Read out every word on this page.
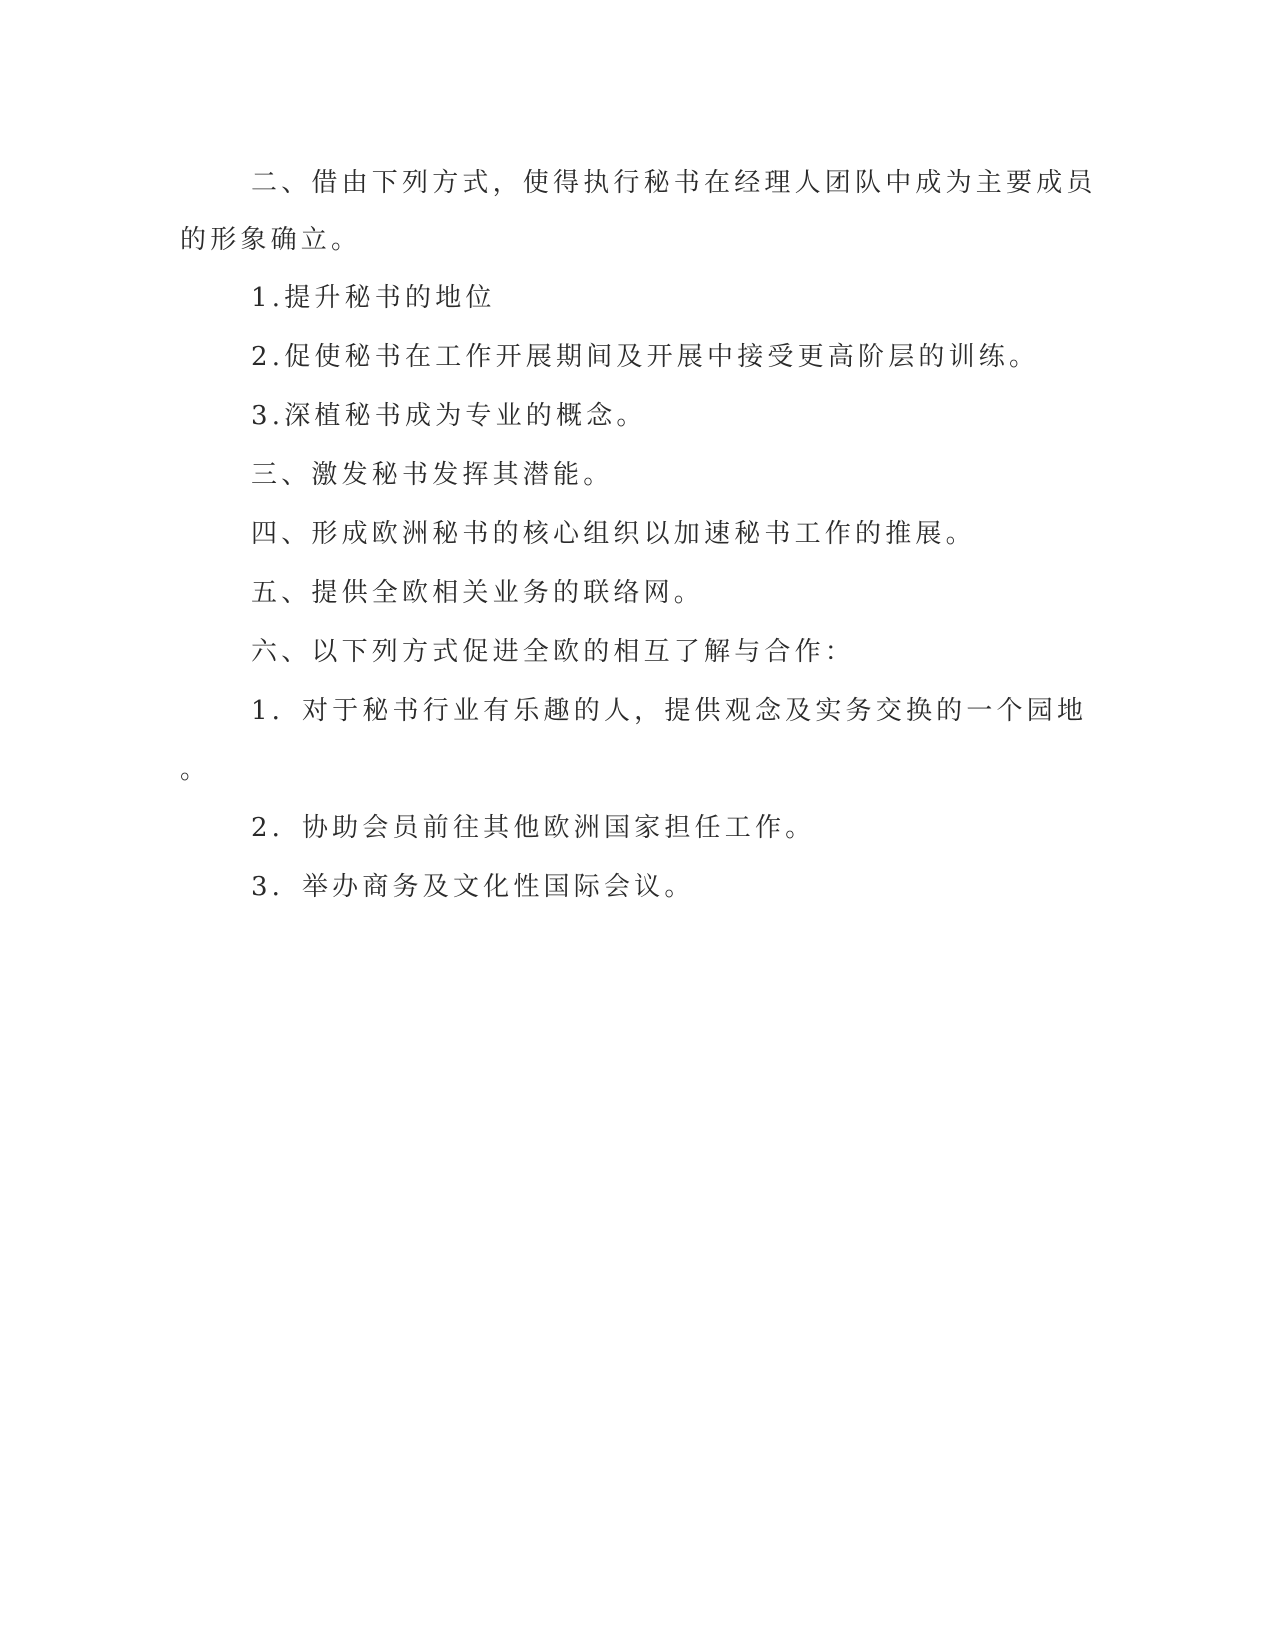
二、借由下列方式，使得执行秘书在经理人团队中成为主要成员
的形象确立。
1.提升秘书的地位
2.促使秘书在工作开展期间及开展中接受更高阶层的训练。
3.深植秘书成为专业的概念。
三、激发秘书发挥其潜能。
四、形成欧洲秘书的核心组织以加速秘书工作的推展。
五、提供全欧相关业务的联络网。
六、以下列方式促进全欧的相互了解与合作：
1．对于秘书行业有乐趣的人，提供观念及实务交换的一个园地
。
2．协助会员前往其他欧洲国家担任工作。
3．举办商务及文化性国际会议。
